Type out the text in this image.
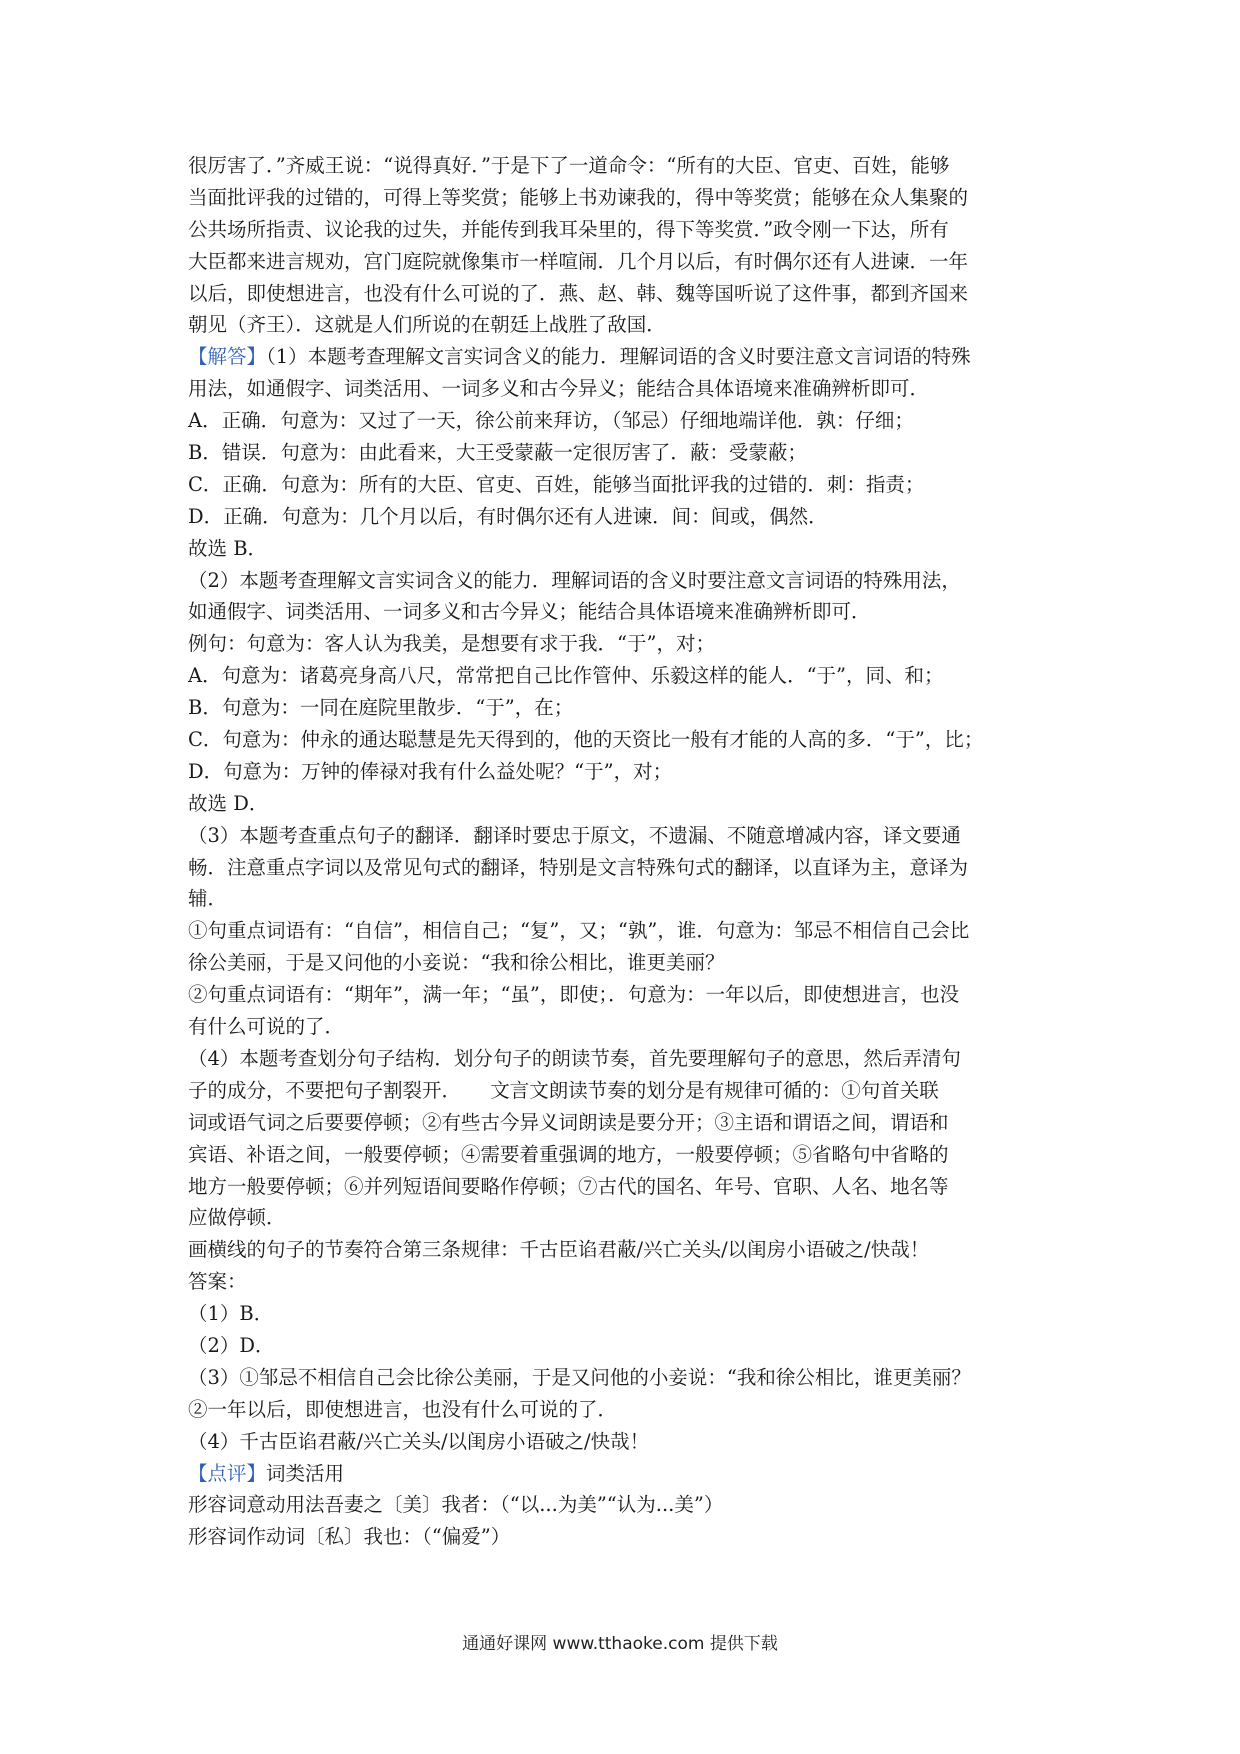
很厉害了．”齐威王说：“说得真好．”于是下了一道命令：“所有的大臣、官吏、百姓，能够
当面批评我的过错的，可得上等奖赏；能够上书劝谏我的，得中等奖赏；能够在众人集聚的
公共场所指责、议论我的过失，并能传到我耳朵里的，得下等奖赏．”政令刚一下达，所有
大臣都来进言规劝，宫门庭院就像集市一样喧闹．几个月以后，有时偶尔还有人进谏．一年
以后，即使想进言，也没有什么可说的了．燕、赵、韩、魏等国听说了这件事，都到齐国来
朝见（齐王）．这就是人们所说的在朝廷上战胜了敌国．
【解答】（1）本题考查理解文言实词含义的能力．理解词语的含义时要注意文言词语的特殊
用法，如通假字、词类活用、一词多义和古今异义；能结合具体语境来准确辨析即可．
A．正确．句意为：又过了一天，徐公前来拜访，（邹忌）仔细地端详他．孰：仔细；
B．错误．句意为：由此看来，大王受蒙蔽一定很厉害了．蔽：受蒙蔽；
C．正确．句意为：所有的大臣、官吏、百姓，能够当面批评我的过错的．刺：指责；
D．正确．句意为：几个月以后，有时偶尔还有人进谏．间：间或，偶然．
故选 B．
（2）本题考查理解文言实词含义的能力．理解词语的含义时要注意文言词语的特殊用法，
如通假字、词类活用、一词多义和古今异义；能结合具体语境来准确辨析即可．
例句：句意为：客人认为我美，是想要有求于我．“于”，对；
A．句意为：诸葛亮身高八尺，常常把自己比作管仲、乐毅这样的能人．“于”，同、和；
B．句意为：一同在庭院里散步．“于”，在；
C．句意为：仲永的通达聪慧是先天得到的，他的天资比一般有才能的人高的多．“于”，比；
D．句意为：万钟的俸禄对我有什么益处呢？“于”，对；
故选 D．
（3）本题考查重点句子的翻译．翻译时要忠于原文，不遗漏、不随意增减内容，译文要通
畅．注意重点字词以及常见句式的翻译，特别是文言特殊句式的翻译，以直译为主，意译为
辅．
①句重点词语有：“自信”，相信自己；“复”，又；“孰”，谁．句意为：邹忌不相信自己会比
徐公美丽，于是又问他的小妾说：“我和徐公相比，谁更美丽？
②句重点词语有：“期年”，满一年；“虽”，即使；．句意为：一年以后，即使想进言，也没
有什么可说的了．
（4）本题考查划分句子结构．划分句子的朗读节奏，首先要理解句子的意思，然后弄清句
子的成分，不要把句子割裂开．　　文言文朗读节奏的划分是有规律可循的：①句首关联
词或语气词之后要要停顿；②有些古今异义词朗读是要分开；③主语和谓语之间，谓语和
宾语、补语之间，一般要停顿；④需要着重强调的地方，一般要停顿；⑤省略句中省略的
地方一般要停顿；⑥并列短语间要略作停顿；⑦古代的国名、年号、官职、人名、地名等
应做停顿．
画横线的句子的节奏符合第三条规律：千古臣谄君蔽/兴亡关头/以闺房小语破之/快哉！
答案：
（1）B．
（2）D．
（3）①邹忌不相信自己会比徐公美丽，于是又问他的小妾说：“我和徐公相比，谁更美丽？
②一年以后，即使想进言，也没有什么可说的了．
（4）千古臣谄君蔽/兴亡关头/以闺房小语破之/快哉！
【点评】词类活用
形容词意动用法吾妻之〔美〕我者：（“以...为美”“认为...美”）
形容词作动词〔私〕我也：（“偏爱”）
通通好课网 www.tthaoke.com 提供下载
